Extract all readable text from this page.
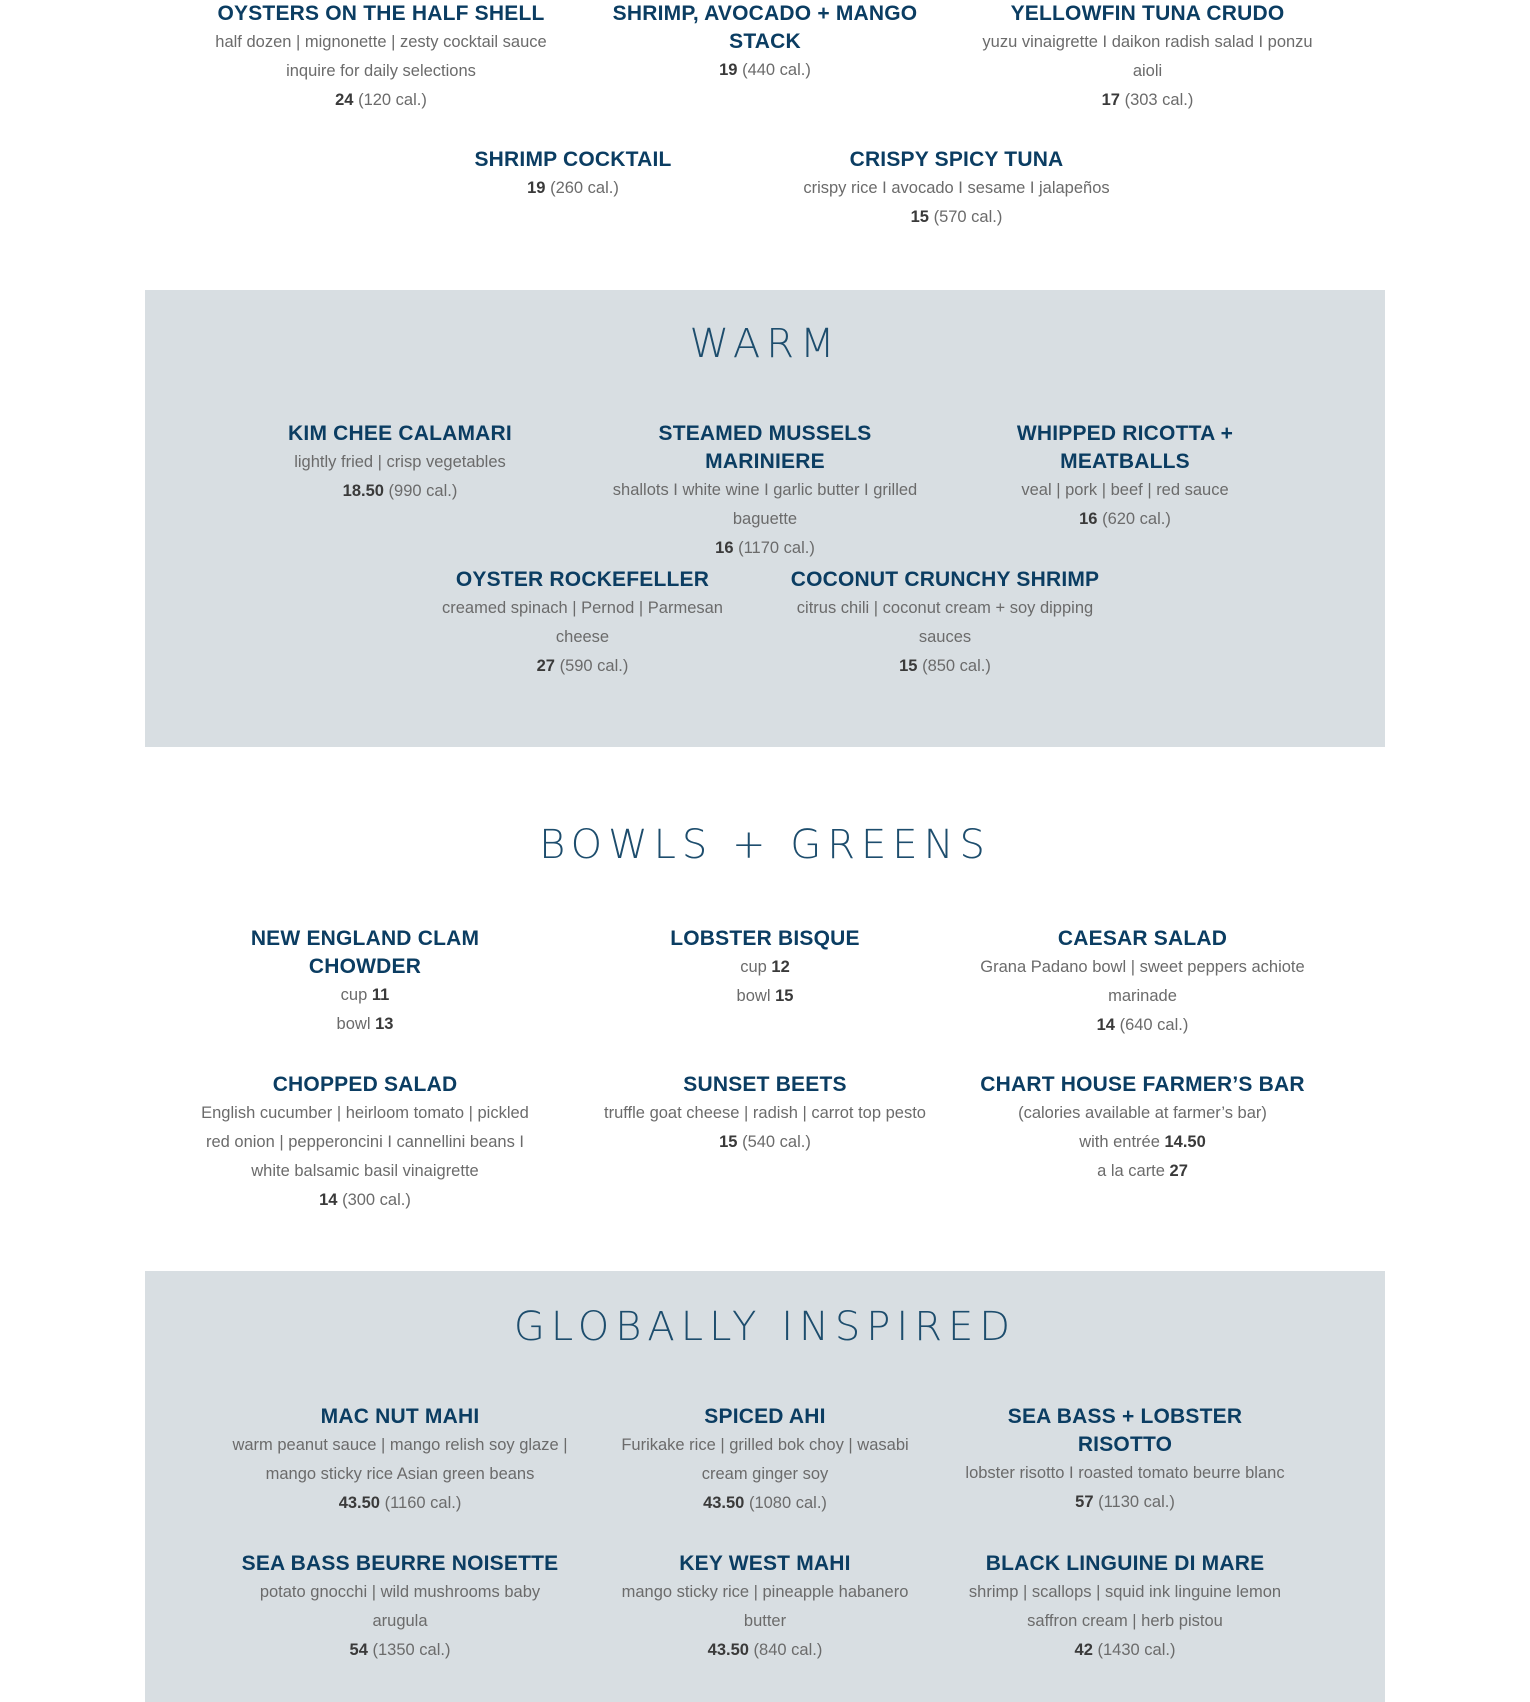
OYSTERS ON THE HALF SHELL
half dozen | mignonette | zesty cocktail sauce inquire for daily selections
24 (120 cal.)
SHRIMP, AVOCADO + MANGO STACK
19 (440 cal.)
YELLOWFIN TUNA CRUDO
yuzu vinaigrette I daikon radish salad I ponzu aioli
17 (303 cal.)
SHRIMP COCKTAIL
19 (260 cal.)
CRISPY SPICY TUNA
crispy rice I avocado I sesame I jalapeños
15 (570 cal.)
WARM
KIM CHEE CALAMARI
lightly fried | crisp vegetables
18.50 (990 cal.)
STEAMED MUSSELS MARINIERE
shallots I white wine I garlic butter I grilled baguette
16 (1170 cal.)
WHIPPED RICOTTA + MEATBALLS
veal | pork | beef | red sauce
16 (620 cal.)
OYSTER ROCKEFELLER
creamed spinach | Pernod | Parmesan cheese
27 (590 cal.)
COCONUT CRUNCHY SHRIMP
citrus chili | coconut cream + soy dipping sauces
15 (850 cal.)
BOWLS + GREENS
NEW ENGLAND CLAM CHOWDER
cup 11
bowl 13
LOBSTER BISQUE
cup 12
bowl 15
CAESAR SALAD
Grana Padano bowl | sweet peppers achiote marinade
14 (640 cal.)
CHOPPED SALAD
English cucumber | heirloom tomato | pickled red onion | pepperoncini I cannellini beans I white balsamic basil vinaigrette
14 (300 cal.)
SUNSET BEETS
truffle goat cheese | radish | carrot top pesto
15 (540 cal.)
CHART HOUSE FARMER’S BAR
(calories available at farmer’s bar)
with entrée 14.50
a la carte 27
GLOBALLY INSPIRED
MAC NUT MAHI
warm peanut sauce | mango relish soy glaze | mango sticky rice Asian green beans
43.50 (1160 cal.)
SPICED AHI
Furikake rice | grilled bok choy | wasabi cream ginger soy
43.50 (1080 cal.)
SEA BASS + LOBSTER RISOTTO
lobster risotto I roasted tomato beurre blanc
57 (1130 cal.)
SEA BASS BEURRE NOISETTE
potato gnocchi | wild mushrooms baby arugula
54 (1350 cal.)
KEY WEST MAHI
mango sticky rice | pineapple habanero butter
43.50 (840 cal.)
BLACK LINGUINE DI MARE
shrimp | scallops | squid ink linguine lemon saffron cream | herb pistou
42 (1430 cal.)
